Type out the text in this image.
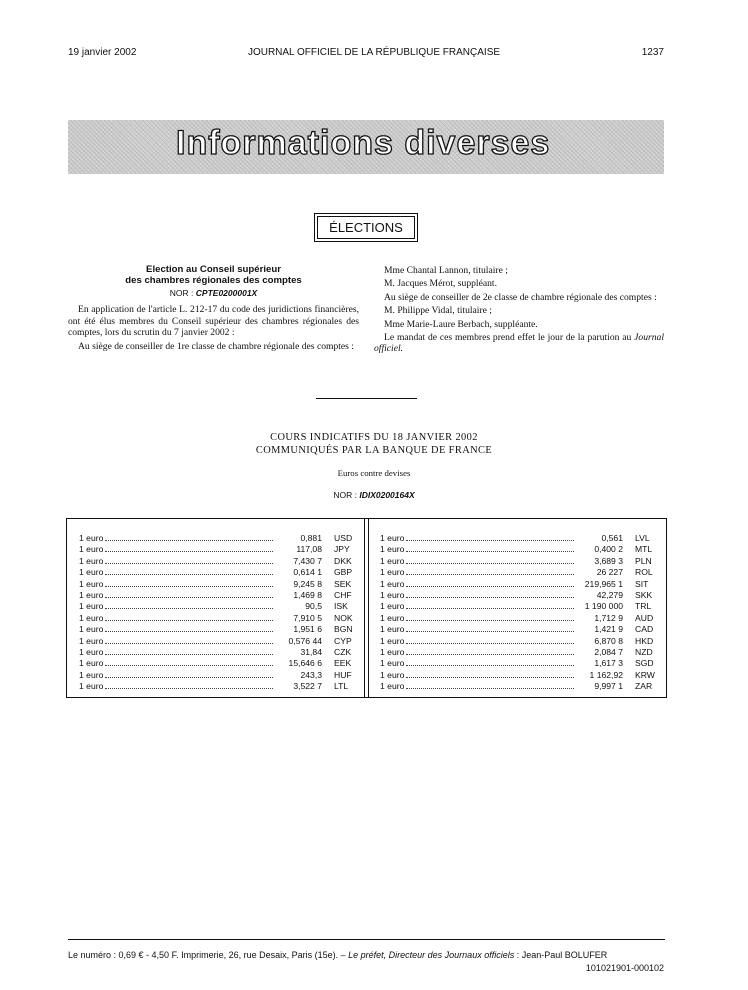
19 janvier 2002	JOURNAL OFFICIEL DE LA RÉPUBLIQUE FRANÇAISE	1237
Informations diverses
ÉLECTIONS
Election au Conseil supérieur
des chambres régionales des comptes
NOR : CPTE0200001X

En application de l'article L. 212-17 du code des juridictions financières, ont été élus membres du Conseil supérieur des chambres régionales des comptes, lors du scrutin du 7 janvier 2002 :

Au siège de conseiller de 1re classe de chambre régionale des comptes :

Mme Chantal Lannon, titulaire ;

M. Jacques Mérot, suppléant.

Au siège de conseiller de 2e classe de chambre régionale des comptes :

M. Philippe Vidal, titulaire ;

Mme Marie-Laure Berbach, suppléante.

Le mandat de ces membres prend effet le jour de la parution au Journal officiel.

COURS INDICATIFS DU 18 JANVIER 2002
COMMUNIQUÉS PAR LA BANQUE DE FRANCE
Euros contre devises
NOR : IDIX0200164X
1 euro	0,881 USD
1 euro	117,08 JPY
1 euro	7,430 7 DKK
1 euro	0,614 1 GBP
1 euro	9,245 8 SEK
1 euro	1,469 8 CHF
1 euro	90,5 ISK
1 euro	7,910 5 NOK
1 euro	1,951 6 BGN
1 euro	0,576 44 CYP
1 euro	31,84 CZK
1 euro	15,646 6 EEK
1 euro	243,3 HUF
1 euro	3,522 7 LTL
1 euro	0,561 LVL
1 euro	0,400 2 MTL
1 euro	3,689 3 PLN
1 euro	26 227 ROL
1 euro	219,965 1 SIT
1 euro	42,279 SKK
1 euro	1 190 000 TRL
1 euro	1,712 9 AUD
1 euro	1,421 9 CAD
1 euro	6,870 8 HKD
1 euro	2,084 7 NZD
1 euro	1,617 3 SGD
1 euro	1 162,92 KRW
1 euro	9,997 1 ZAR
Le numéro : 0,69 € - 4,50 F. Imprimerie, 26, rue Desaix, Paris (15e). – Le préfet, Directeur des Journaux officiels : Jean-Paul BOLUFER
101021901-000102
